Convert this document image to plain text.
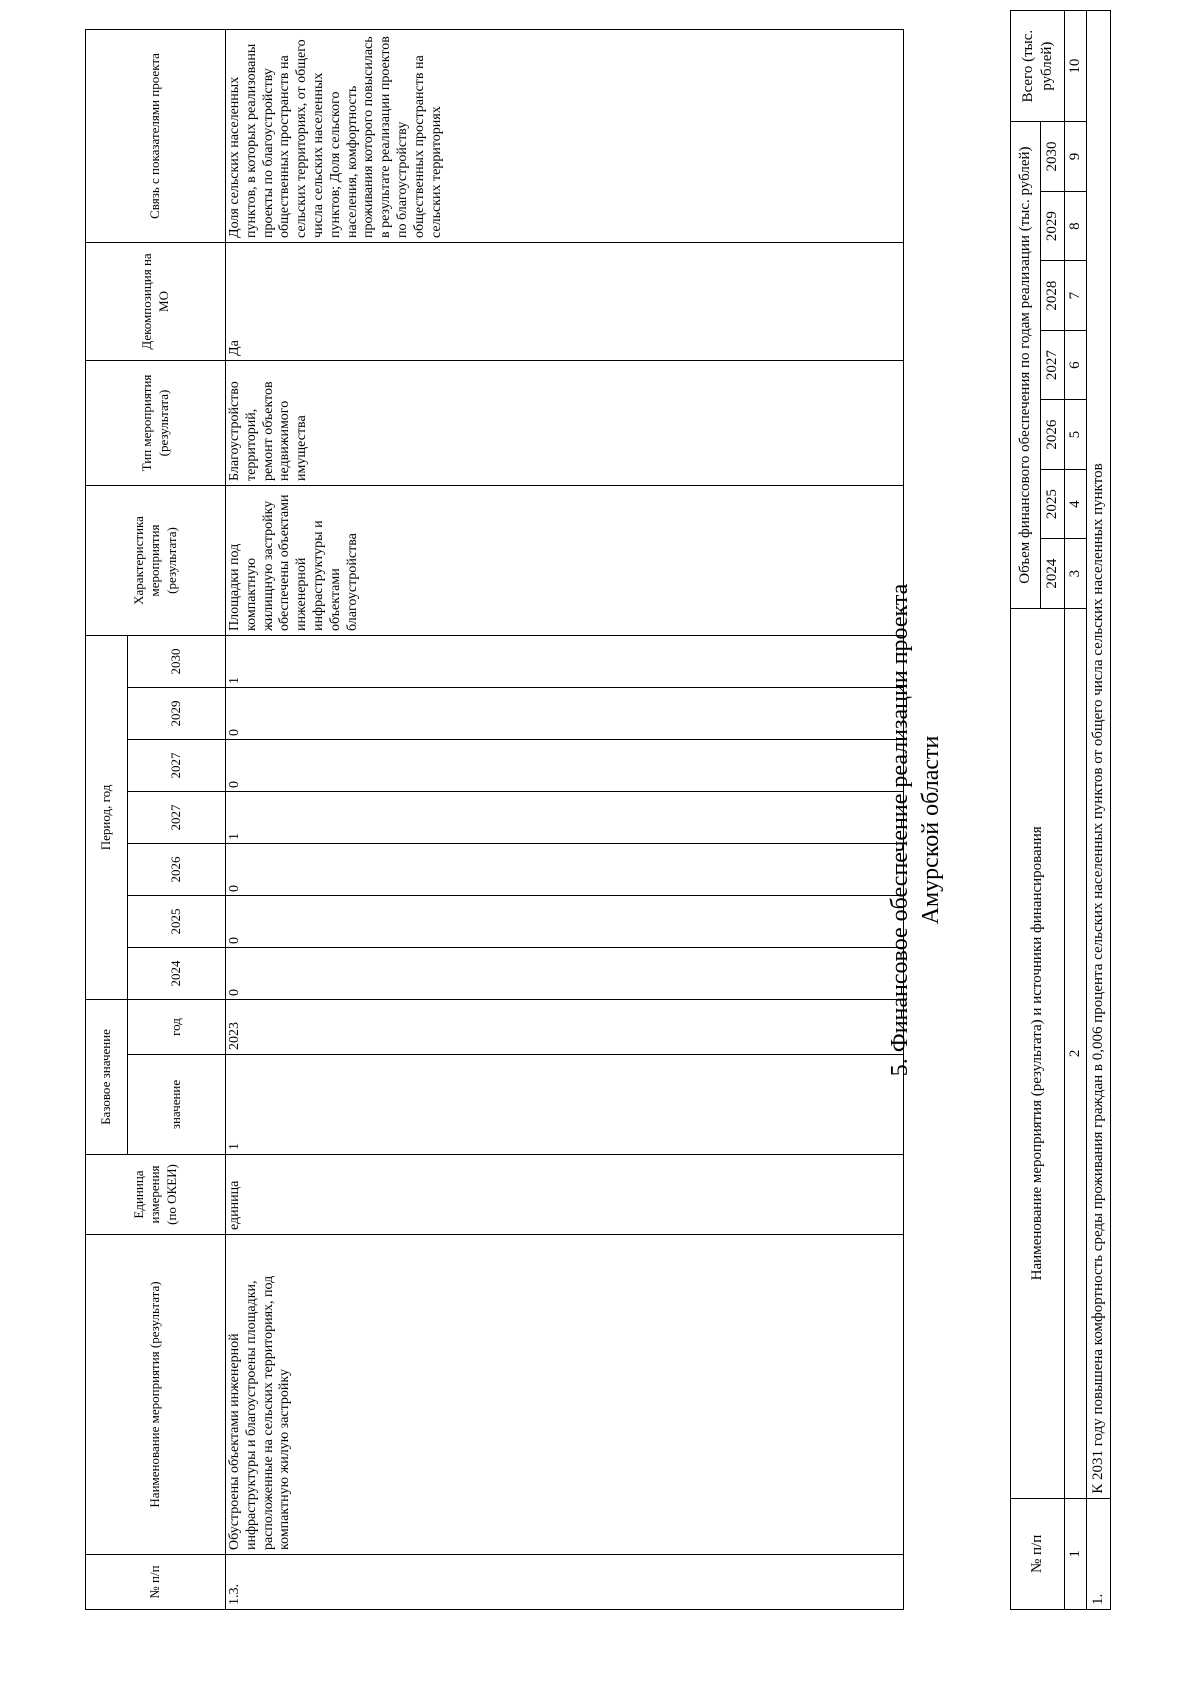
№ п/п	Наименование мероприятия (результата)	Единица измерения (по ОКЕИ)	Базовое значение		Период, год							Характеристика мероприятия (результата)	Тип мероприятия (результата)	Декомпозиция на МО	Связь с показателями проекта
			значение	год	2024	2025	2026	2027	2027	2029	2030				

1.3.	Обустроены объектами инженерной инфраструктуры и благоустроены площадки, расположенные на сельских территориях, под компактную жилую застройку	единица	1	2023	0	0	0	1	0	0	1	Площадки под компактную жилищную застройку обеспечены объектами инженерной инфраструктуры и объектами благоустройства	Благоустройство территорий, ремонт объектов недвижимого имущества	Да	Доля сельских населенных пунктов, в которых реализованы проекты по благоустройству общественных пространств на сельских территориях, от общего числа сельских населенных пунктов; Доля сельского населения, комфортность проживания которого повысилась в результате реализации проектов по благоустройству общественных пространств на сельских территориях
5. Финансовое обеспечение реализации проекта Амурской области
№ п/п	Наименование мероприятия (результата) и источники финансирования	Объем финансового обеспечения по годам реализации (тыс. рублей)							Всего (тыс. рублей)
		2024	2025	2026	2027	2028	2029	2030	
1	2	3	4	5	6	7	8	9	10
1.	К 2031 году повышена комфортность среды проживания граждан в 0,006 процента сельских населенных пунктов от общего числа сельских населенных пунктов								
